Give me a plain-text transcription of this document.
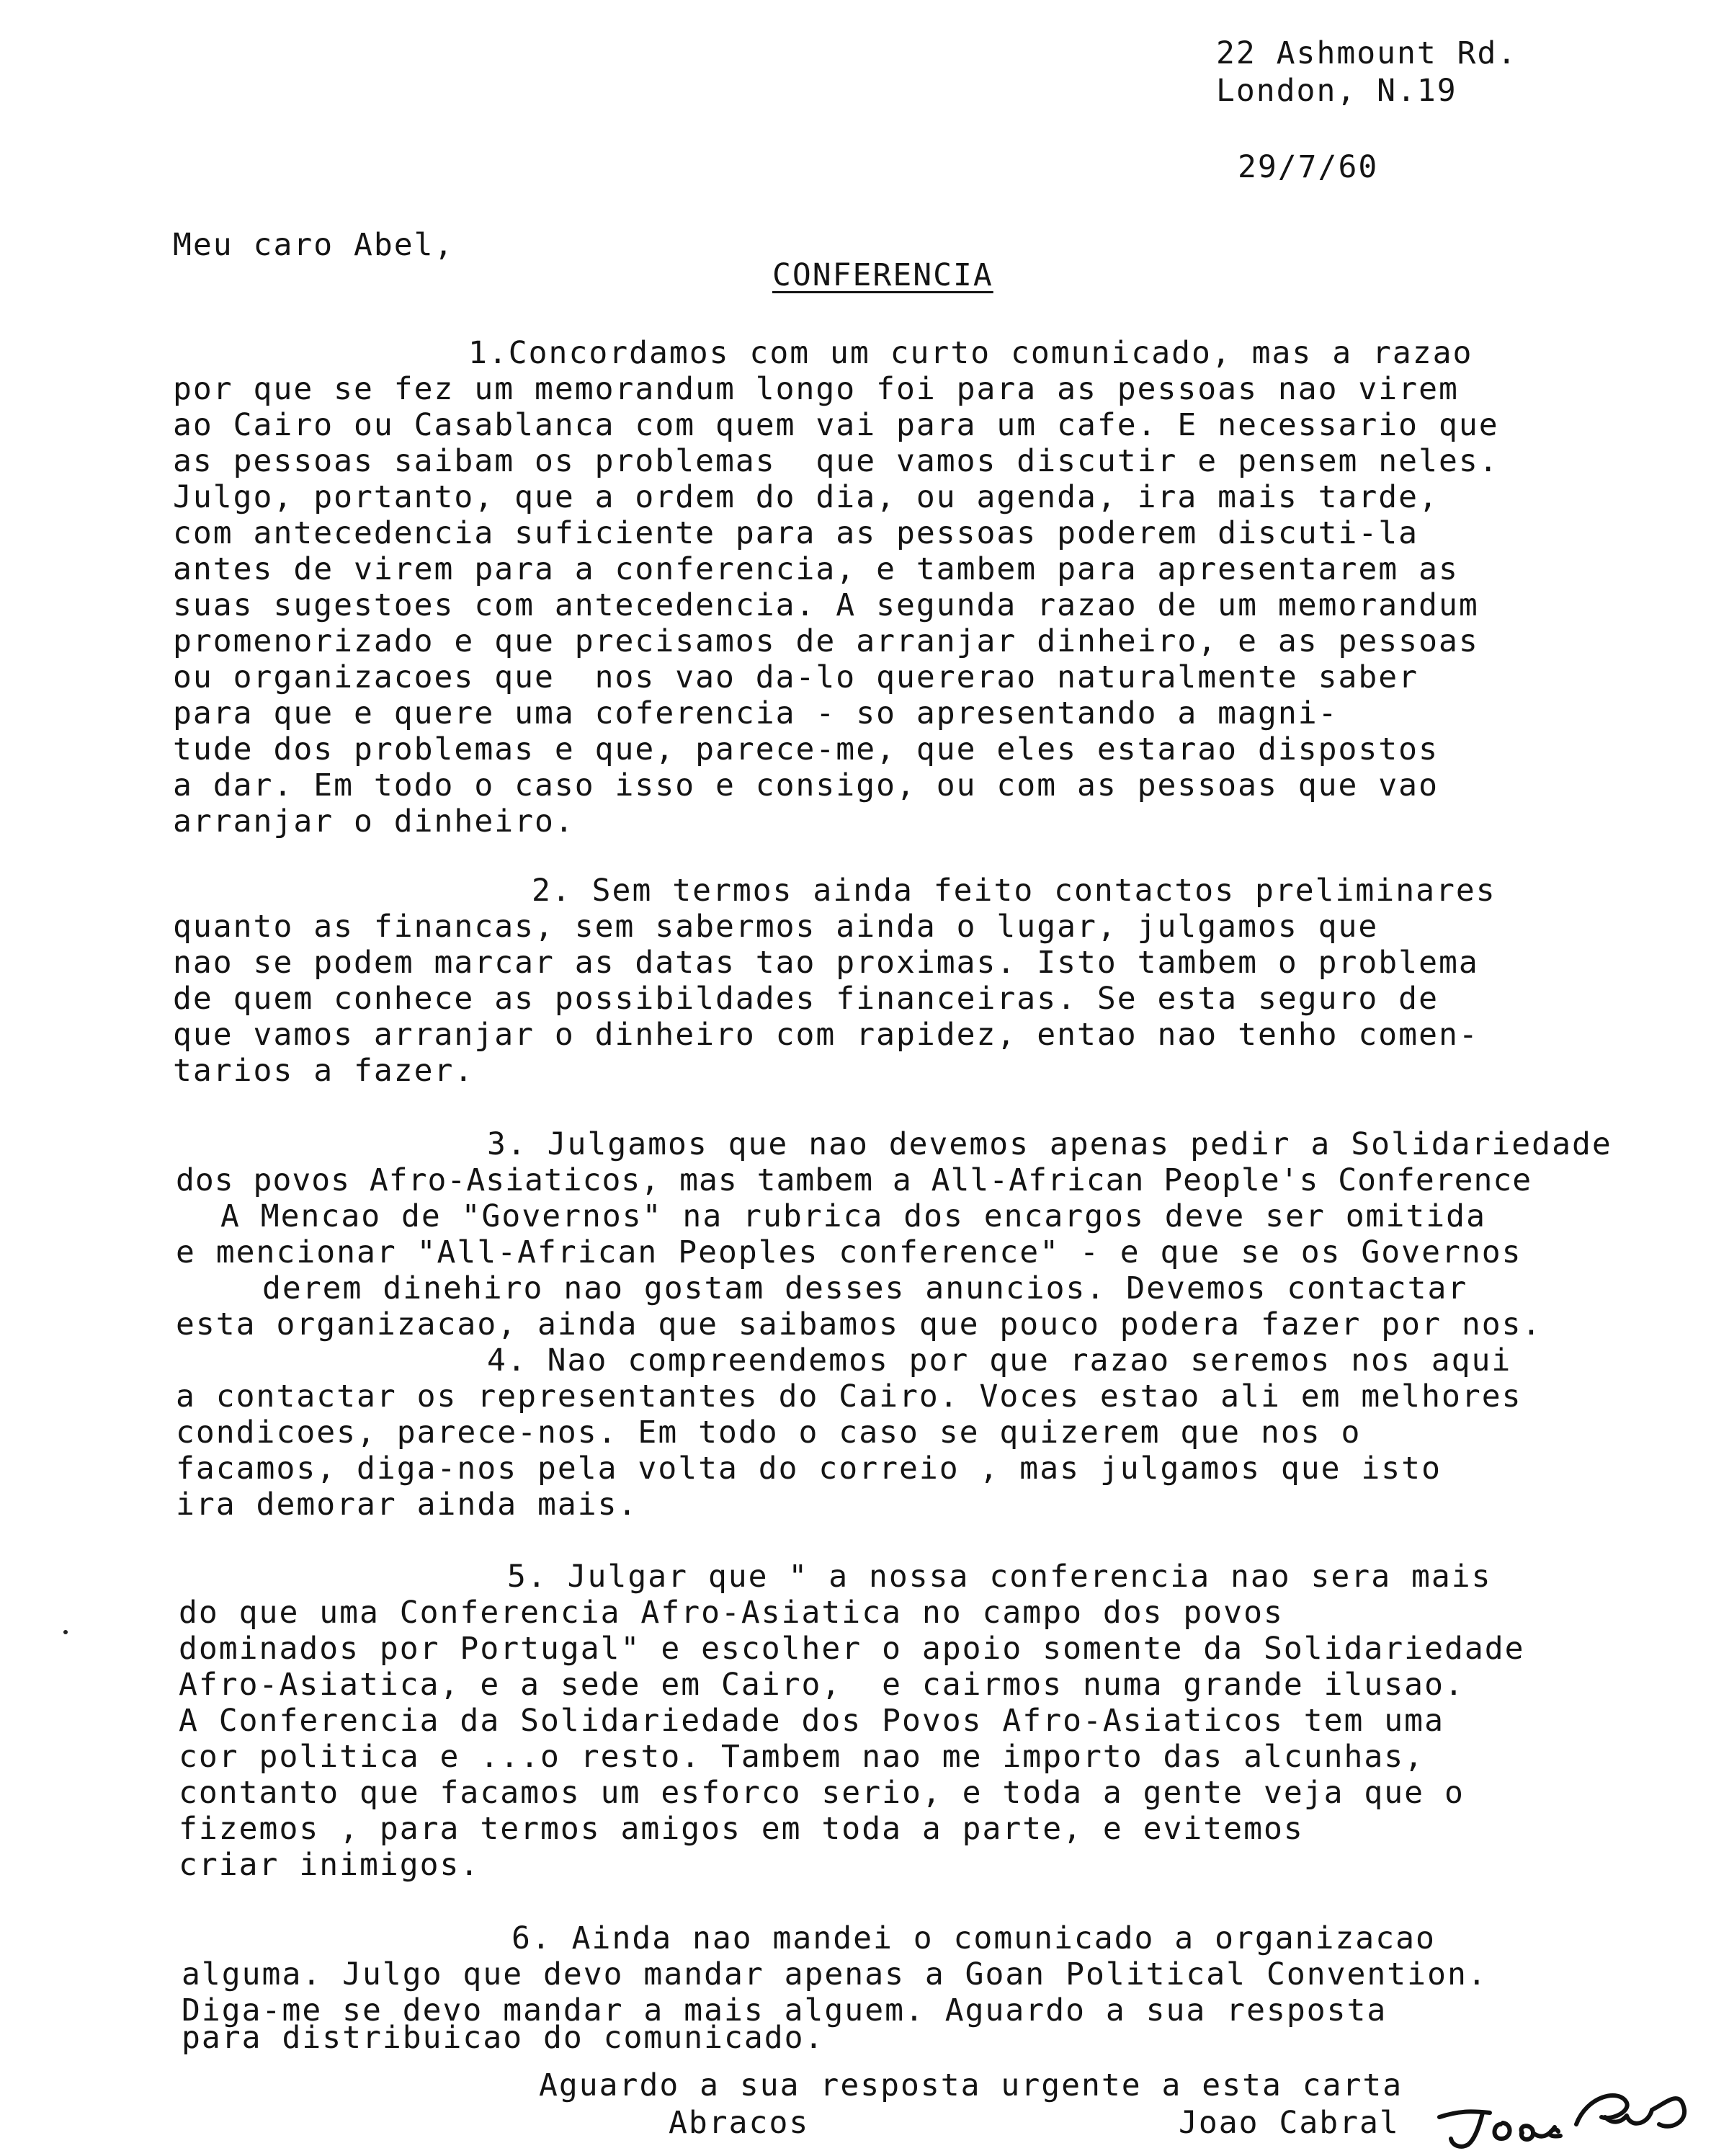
22 Ashmount Rd.
London, N.19
29/7/60
Meu caro Abel,
CONFERENCIA
1.Concordamos com um curto comunicado, mas a razao
por que se fez um memorandum longo foi para as pessoas nao virem
ao Cairo ou Casablanca com quem vai para um cafe. E necessario que
as pessoas saibam os problemas  que vamos discutir e pensem neles.
Julgo, portanto, que a ordem do dia, ou agenda, ira mais tarde,
com antecedencia suficiente para as pessoas poderem discuti-la
antes de virem para a conferencia, e tambem para apresentarem as
suas sugestoes com antecedencia. A segunda razao de um memorandum
promenorizado e que precisamos de arranjar dinheiro, e as pessoas
ou organizacoes que  nos vao da-lo quererao naturalmente saber
para que e quere uma coferencia - so apresentando a magni-
tude dos problemas e que, parece-me, que eles estarao dispostos
a dar. Em todo o caso isso e consigo, ou com as pessoas que vao
arranjar o dinheiro.
2. Sem termos ainda feito contactos preliminares
quanto as financas, sem sabermos ainda o lugar, julgamos que
nao se podem marcar as datas tao proximas. Isto tambem o problema
de quem conhece as possibildades financeiras. Se esta seguro de
que vamos arranjar o dinheiro com rapidez, entao nao tenho comen-
tarios a fazer.
3. Julgamos que nao devemos apenas pedir a Solidariedade
dos povos Afro-Asiaticos, mas tambem a All-African People's Conference
A Mencao de "Governos" na rubrica dos encargos deve ser omitida
e mencionar "All-African Peoples conference" - e que se os Governos
derem dinehiro nao gostam desses anuncios. Devemos contactar
esta organizacao, ainda que saibamos que pouco podera fazer por nos.
4. Nao compreendemos por que razao seremos nos aqui
a contactar os representantes do Cairo. Voces estao ali em melhores
condicoes, parece-nos. Em todo o caso se quizerem que nos o
facamos, diga-nos pela volta do correio , mas julgamos que isto
ira demorar ainda mais.
5. Julgar que " a nossa conferencia nao sera mais
do que uma Conferencia Afro-Asiatica no campo dos povos
dominados por Portugal" e escolher o apoio somente da Solidariedade
Afro-Asiatica, e a sede em Cairo,  e cairmos numa grande ilusao.
A Conferencia da Solidariedade dos Povos Afro-Asiaticos tem uma
cor politica e ...o resto. Tambem nao me importo das alcunhas,
contanto que facamos um esforco serio, e toda a gente veja que o
fizemos , para termos amigos em toda a parte, e evitemos
criar inimigos.
6. Ainda nao mandei o comunicado a organizacao
alguma. Julgo que devo mandar apenas a Goan Political Convention.
Diga-me se devo mandar a mais alguem. Aguardo a sua resposta
para distribuicao do comunicado.
Aguardo a sua resposta urgente a esta carta
Abracos	Joao Cabral
